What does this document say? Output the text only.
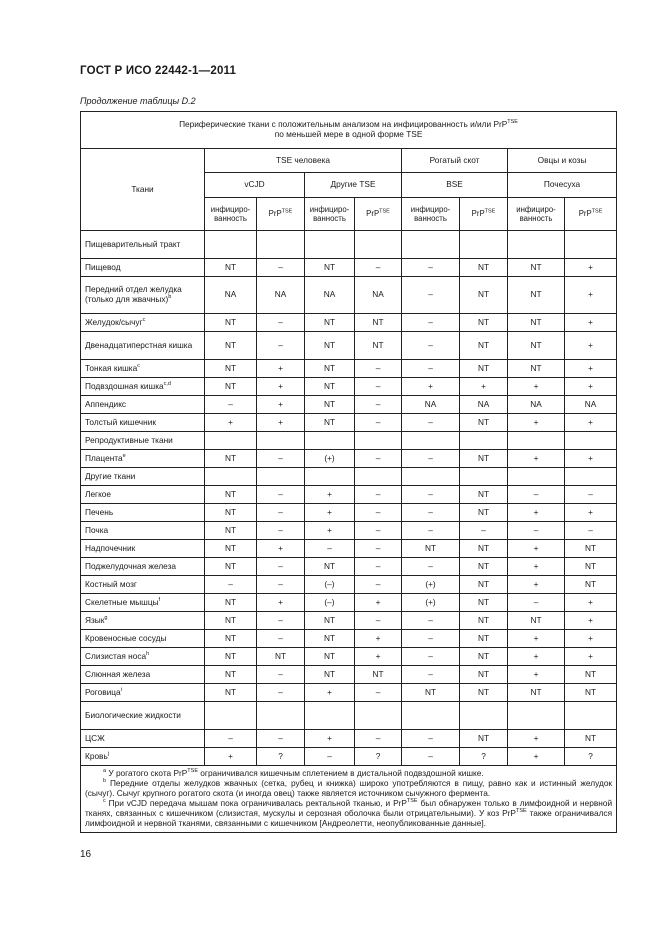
ГОСТ Р ИСО 22442-1—2011
Продолжение таблицы D.2
Периферические ткани с положительным анализом на инфицированность и/или PrP$^{TSE}$
по меньшей мере в одной форме TSE								
Ткани	TSE человека				Рогатый скот		Овцы и козы	
	vCJD		Другие TSE		BSE		Почесуха	
	инфициро-ванность	PrP$^{TSE}$	инфициро-ванность	PrP$^{TSE}$	инфициро-ванность	PrP$^{TSE}$	инфициро-ванность	PrP$^{TSE}$
Пищеварительный тракт								
Пищевод	NT	–	NT	–	–	NT	NT	+
Передний отдел желудка (только для жвачных)$^b$	NA	NA	NA	NA	–	NT	NT	+
Желудок/сычуг$^c$	NT	–	NT	NT	–	NT	NT	+
Двенадцатиперстная кишка	NT	–	NT	NT	–	NT	NT	+
Тонкая кишка$^c$	NT	+	NT	–	–	NT	NT	+
Подвздошная кишка$^{c,d}$	NT	+	NT	–	+	+	+	+
Аппендикс	–	+	NT	–	NA	NA	NA	NA
Толстый кишечник	+	+	NT	–	–	NT	+	+
Репродуктивные ткани								
Плацента$^e$	NT	–	(+)	–	–	NT	+	+
Другие ткани								
Легкое	NT	–	+	–	–	NT	–	–
Печень	NT	–	+	–	–	NT	+	+
Почка	NT	–	+	–	–	–	–	–
Надпочечник	NT	+	–	–	NT	NT	+	NT
Поджелудочная железа	NT	–	NT	–	–	NT	+	NT
Костный мозг	–	–	(–)	–	(+)	NT	+	NT
Скелетные мышцы$^f$	NT	+	(–)	+	(+)	NT	–	+
Язык$^g$	NT	–	NT	–	–	NT	NT	+
Кровеносные сосуды	NT	–	NT	+	–	NT	+	+
Слизистая носа$^h$	NT	NT	NT	+	–	NT	+	+
Слюнная железа	NT	–	NT	NT	–	NT	+	NT
Роговица$^i$	NT	–	+	–	NT	NT	NT	NT
Биологические жидкости								
ЦСЖ	–	–	+	–	–	NT	+	NT
Кровь$^j$	+	?	–	?	–	?	+	?

$^a$ У рогатого скота PrP$^{TSE}$ ограничивался кишечным сплетением в дистальной подвздошной кишке.
$^b$ Передние отделы желудков жвачных (сетка, рубец и книжка) широко употребляются в пищу, равно как и истинный желудок (сычуг). Сычуг крупного рогатого скота (и иногда овец) также является источником сычужного фермента.
$^c$ При vCJD передача мышам пока ограничивалась ректальной тканью, и PrP$^{TSE}$ был обнаружен только в лимфоидной и нервной тканях, связанных с кишечником (слизистая, мускулы и серозная оболочка были отрицательными). У коз PrP$^{TSE}$ также ограничивался лимфоидной и нервной тканями, связанными с кишечником [Андреолетти, неопубликованные данные].								
16
